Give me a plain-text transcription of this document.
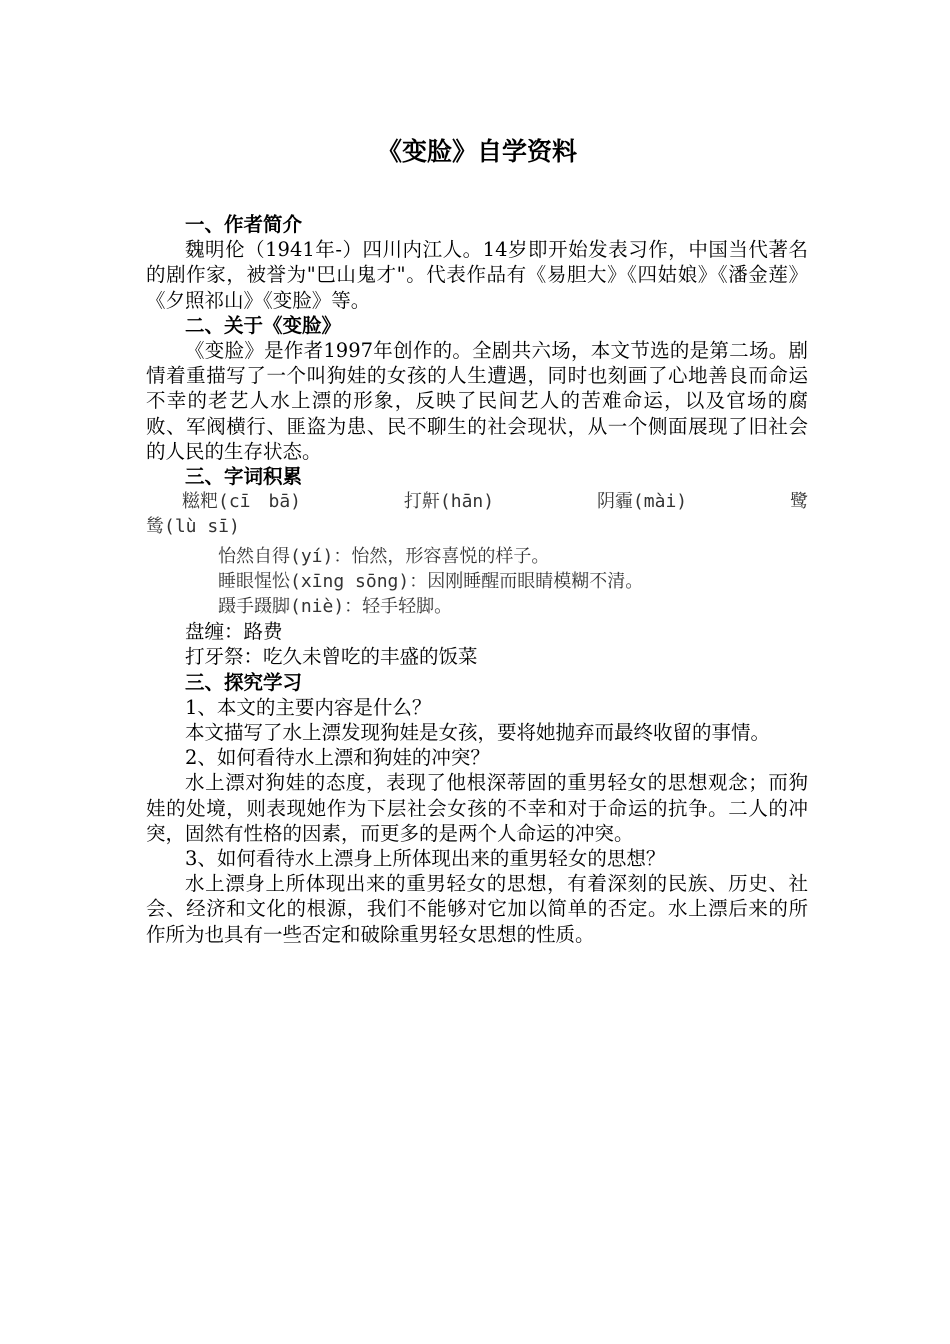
《变脸》自学资料

一、作者简介

魏明伦（1941年-）四川内江人。14岁即开始发表习作，中国当代著名的剧作家，被誉为"巴山鬼才"。代表作品有《易胆大》《四姑娘》《潘金莲》《夕照祁山》《变脸》等。

二、关于《变脸》

《变脸》是作者1997年创作的。全剧共六场，本文节选的是第二场。剧情着重描写了一个叫狗娃的女孩的人生遭遇，同时也刻画了心地善良而命运不幸的老艺人水上漂的形象，反映了民间艺人的苦难命运，以及官场的腐败、军阀横行、匪盗为患、民不聊生的社会现状，从一个侧面展现了旧社会的人民的生存状态。

三、字词积累

糍粑(cī　bā)	打鼾(hān)	阴霾(mài)	鹭

鸶(lù sī)

怡然自得(yí)：怡然，形容喜悦的样子。

睡眼惺忪(xīng sōng)：因刚睡醒而眼睛模糊不清。

蹑手蹑脚(niè)：轻手轻脚。

盘缠：路费

打牙祭：吃久未曾吃的丰盛的饭菜

三、探究学习

1、本文的主要内容是什么？

本文描写了水上漂发现狗娃是女孩，要将她抛弃而最终收留的事情。

2、如何看待水上漂和狗娃的冲突？

水上漂对狗娃的态度，表现了他根深蒂固的重男轻女的思想观念；而狗娃的处境，则表现她作为下层社会女孩的不幸和对于命运的抗争。二人的冲突，固然有性格的因素，而更多的是两个人命运的冲突。

3、如何看待水上漂身上所体现出来的重男轻女的思想？

水上漂身上所体现出来的重男轻女的思想，有着深刻的民族、历史、社会、经济和文化的根源，我们不能够对它加以简单的否定。水上漂后来的所作所为也具有一些否定和破除重男轻女思想的性质。
